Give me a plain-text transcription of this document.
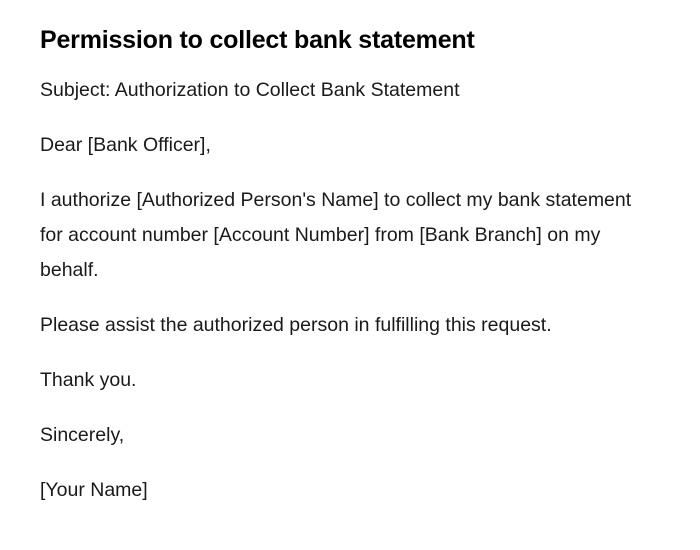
Permission to collect bank statement

Subject: Authorization to Collect Bank Statement

Dear [Bank Officer],

I authorize [Authorized Person's Name] to collect my bank statement for account number [Account Number] from [Bank Branch] on my behalf.

Please assist the authorized person in fulfilling this request.

Thank you.

Sincerely,

[Your Name]
